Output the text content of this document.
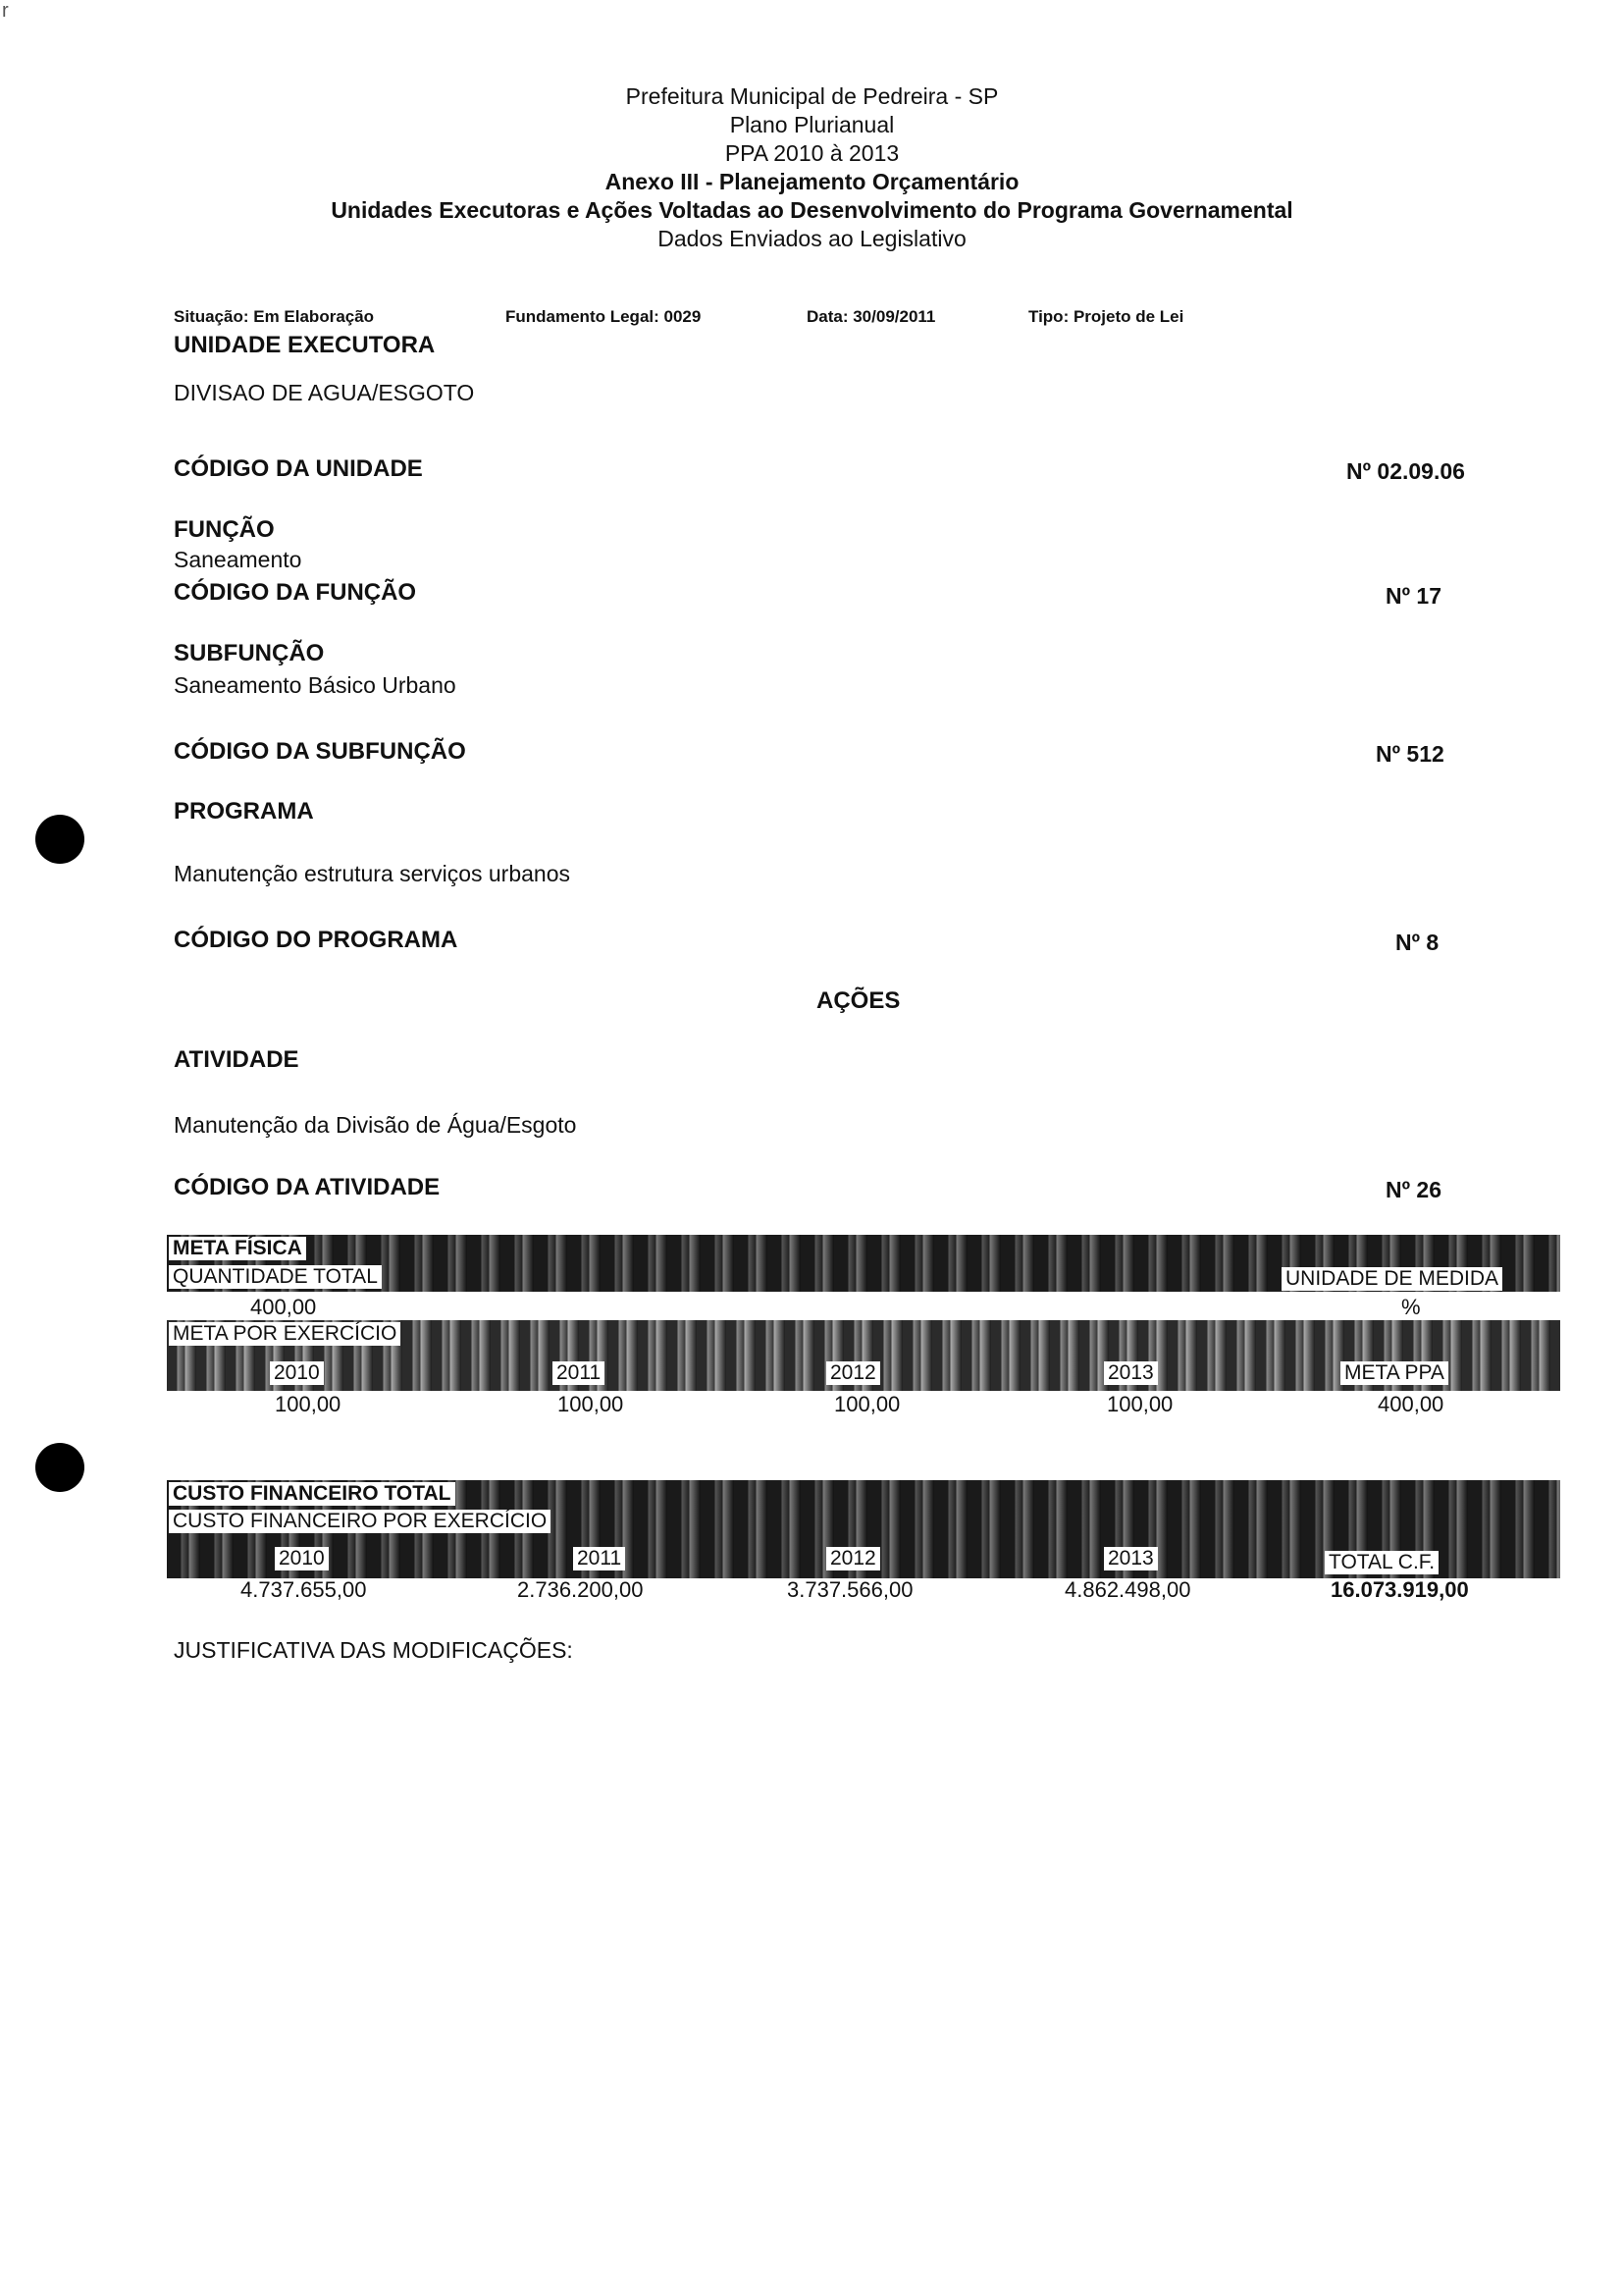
r
Prefeitura Municipal de Pedreira - SP
Plano Plurianual
PPA 2010 à 2013
Anexo III - Planejamento Orçamentário
Unidades Executoras e Ações Voltadas ao Desenvolvimento do Programa Governamental
Dados Enviados ao Legislativo
Situação: Em Elaboração	Fundamento Legal: 0029	Data: 30/09/2011	Tipo: Projeto de Lei
UNIDADE EXECUTORA
DIVISAO DE AGUA/ESGOTO
CÓDIGO DA UNIDADE	Nº 02.09.06
FUNÇÃO
Saneamento
CÓDIGO DA FUNÇÃO	Nº 17
SUBFUNÇÃO
Saneamento Básico Urbano
CÓDIGO DA SUBFUNÇÃO	Nº 512
PROGRAMA
Manutenção estrutura serviços urbanos
CÓDIGO DO PROGRAMA	Nº 8
AÇÕES
ATIVIDADE
Manutenção da Divisão de Água/Esgoto
CÓDIGO DA ATIVIDADE	Nº 26
META FÍSICA
QUANTIDADE TOTAL	UNIDADE DE MEDIDA
400,00	%
META POR EXERCÍCIO
2010	2011	2012	2013	META PPA
100,00	100,00	100,00	100,00	400,00
CUSTO FINANCEIRO TOTAL
CUSTO FINANCEIRO POR EXERCÍCIO
2010	2011	2012	2013	TOTAL C.F.
4.737.655,00	2.736.200,00	3.737.566,00	4.862.498,00	16.073.919,00
JUSTIFICATIVA DAS MODIFICAÇÕES:
